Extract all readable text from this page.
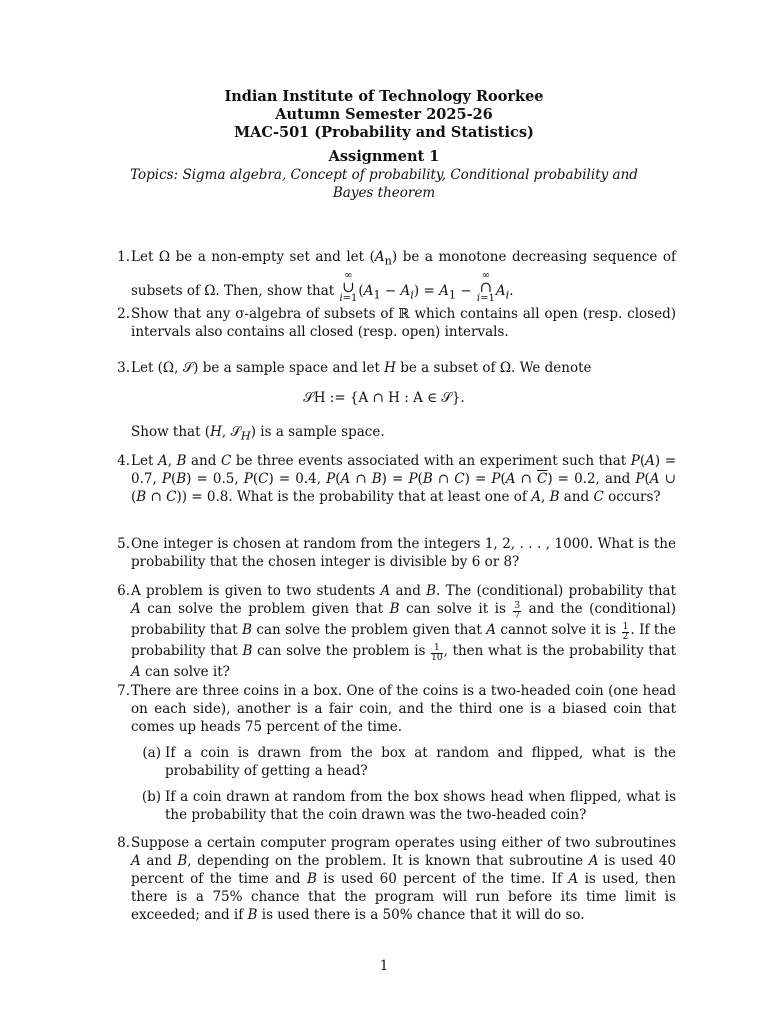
Indian Institute of Technology Roorkee
Autumn Semester 2025-26
MAC-501 (Probability and Statistics)
Assignment 1
Topics: Sigma algebra, Concept of probability, Conditional probability and Bayes theorem
1. Let Ω be a non-empty set and let $(A_n)$ be a monotone decreasing sequence of subsets of Ω. Then, show that ∞
∪
$i=1(A_1 - A_i) = A_1$ − ∞
∩
$i=1A_i$.
2. Show that any σ-algebra of subsets of ℝ which contains all open (resp. closed) intervals also contains all closed (resp. open) intervals.
3. Let (Ω, 𝒮) be a sample space and let H be a subset of Ω. We denote
𝒮H := {A ∩ H : A ∈ 𝒮}.
Show that (H, 𝒮$_H$) is a sample space.
4. Let A, B and C be three events associated with an experiment such that P(A) = 0.7, P(B) = 0.5, P(C) = 0.4, P(A ∩ B) = P(B ∩ C) = P(A ∩ $\overline{C}) = 0.2$, and P(A ∪ (B ∩ C)) = 0.8. What is the probability that at least one of A, B and C occurs?
5. One integer is chosen at random from the integers 1, 2, . . . , 1000. What is the probability that the chosen integer is divisible by 6 or 8?
6. A problem is given to two students A and B. The (conditional) probability that A can solve the problem given that B can solve it is $\frac{3}{7}$ and the (conditional) probability that B can solve the problem given that A cannot solve it is $\frac{1}{2}$ . If the probability that B can solve the problem is $\frac{1}{10}$ , then what is the probability that A can solve it?
7. There are three coins in a box. One of the coins is a two-headed coin (one head on each side), another is a fair coin, and the third one is a biased coin that comes up heads 75 percent of the time.
(a) If a coin is drawn from the box at random and flipped, what is the probability of getting a head?
(b) If a coin drawn at random from the box shows head when flipped, what is the probability that the coin drawn was the two-headed coin?
8. Suppose a certain computer program operates using either of two subroutines A and B, depending on the problem. It is known that subroutine A is used 40 percent of the time and B is used 60 percent of the time. If A is used, then there is a 75% chance that the program will run before its time limit is exceeded; and if B is used there is a 50% chance that it will do so.
1
